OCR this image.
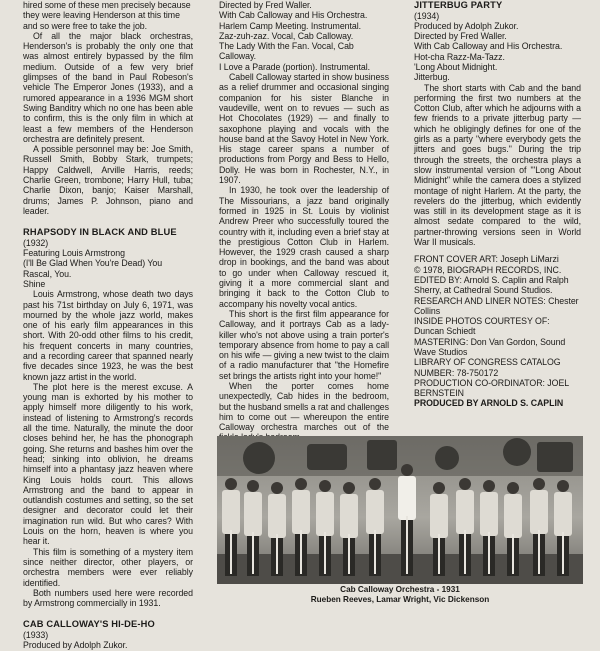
hired some of these men precisely because they were leaving Henderson at this time and so were free to take the job.

Of all the major black orchestras, Henderson's is probably the only one that was almost entirely bypassed by the film medium. Outside of a few very brief glimpses of the band in Paul Robeson's vehicle The Emperor Jones (1933), and a rumored appearance in a 1936 MGM short Swing Banditry which no one has been able to confirm, this is the only film in which at least a few members of the Henderson orchestra are definitely present.

A possible personnel may be: Joe Smith, Russell Smith, Bobby Stark, trumpets; Happy Caldwell, Arville Harris, reeds; Charlie Green, trombone; Harry Hull, tuba; Charlie Dixon, banjo; Kaiser Marshall, drums; James P. Johnson, piano and leader.

RHAPSODY IN BLACK AND BLUE
(1932)
Featuring Louis Armstrong
(I'll Be Glad When You're Dead) You Rascal, You.
Shine

Louis Armstrong, whose death two days past his 71st birthday on July 6, 1971, was mourned by the whole jazz world, makes one of his early film appearances in this short. With 20-odd other films to his credit, his frequent concerts in many countries, and a recording career that spanned nearly five decades since 1923, he was the best known jazz artist in the world.

The plot here is the merest excuse. A young man is exhorted by his mother to apply himself more diligently to his work, instead of listening to Armstrong's records all the time. Naturally, the minute the door closes behind her, he has the phonograph going. She returns and bashes him over the head; sinking into oblivion, he dreams himself into a phantasy jazz heaven where King Louis holds court. This allows Armstrong and the band to appear in outlandish costumes and setting, so the set designer and decorator could let their imagination run wild. But who cares? With Louis on the horn, heaven is where you hear it.

This film is something of a mystery item since neither director, other players, or orchestra members were ever reliably identified.

Both numbers used here were recorded by Armstrong commercially in 1931.

CAB CALLOWAY'S HI-DE-HO
(1933)
Produced by Adolph Zukor.
Directed by Fred Waller.
With Cab Calloway and His Orchestra.
Harlem Camp Meeting. Instrumental.
Zaz-zuh-zaz. Vocal, Cab Calloway.
The Lady With the Fan. Vocal, Cab Calloway.
I Love a Parade (portion). Instrumental.

Cabell Calloway started in show business as a relief drummer and occasional singing companion for his sister Blanche in vaudeville, went on to revues — such as Hot Chocolates (1929) — and finally to saxophone playing and vocals with the house band at the Savoy Hotel in New York. His stage career spans a number of productions from Porgy and Bess to Hello, Dolly. He was born in Rochester, N.Y., in 1907.

In 1930, he took over the leadership of The Missourians, a jazz band originally formed in 1925 in St. Louis by violinist Andrew Preer who successfully toured the country with it, including even a brief stay at the prestigious Cotton Club in Harlem. However, the 1929 crash caused a sharp drop in bookings, and the band was about to go under when Calloway rescued it, giving it a more commercial slant and bringing it back to the Cotton Club to accompany his novelty vocal antics.

This short is the first film appearance for Calloway, and it portrays Cab as a lady-killer who's not above using a train porter's temporary absence from home to pay a call on his wife — giving a new twist to the claim of a radio manufacturer that "the Homefire set brings the artists right into your home!"

When the porter comes home unexpectedly, Cab hides in the bedroom, but the husband smells a rat and challenges him to come out — whereupon the entire Calloway orchestra marches out of the

JITTERBUG PARTY
(1934)
Produced by Adolph Zukor.
Directed by Fred Waller.
With Cab Calloway and His Orchestra.
Hot-cha Razz-Ma-Tazz.
'Long About Midnight.
Jitterbug.

The short starts with Cab and the band performing the first two numbers at the Cotton Club, after which he adjourns with a few friends to a private jitterbug party — which he obligingly defines for one of the girls as a party "where everybody gets the jitters and goes bugs." During the trip through the streets, the orchestra plays a slow instrumental version of "'Long About Midnight" while the camera does a stylized montage of night Harlem. At the party, the revelers do the jitterbug, which evidently was still in its development stage as it is almost sedate compared to the wild, partner-throwing versions seen in World War II musicals.

FRONT COVER ART: Joseph LiMarzi
© 1978, BIOGRAPH RECORDS, INC.
EDITED BY: Arnold S. Caplin and Ralph Sherry, at Cathedral Sound Studios.
RESEARCH AND LINER NOTES: Chester Collins
INSIDE PHOTOS COURTESY OF: Duncan Schiedt
MASTERING: Don Van Gordon, Sound Wave Studios
LIBRARY OF CONGRESS CATALOG NUMBER: 78-750172
PRODUCTION CO-ORDINATOR: JOEL BERNSTEIN
PRODUCED BY ARNOLD S. CAPLIN
Cab Calloway Orchestra - 1931
Rueben Reeves, Lamar Wright, Vic Dickenson
